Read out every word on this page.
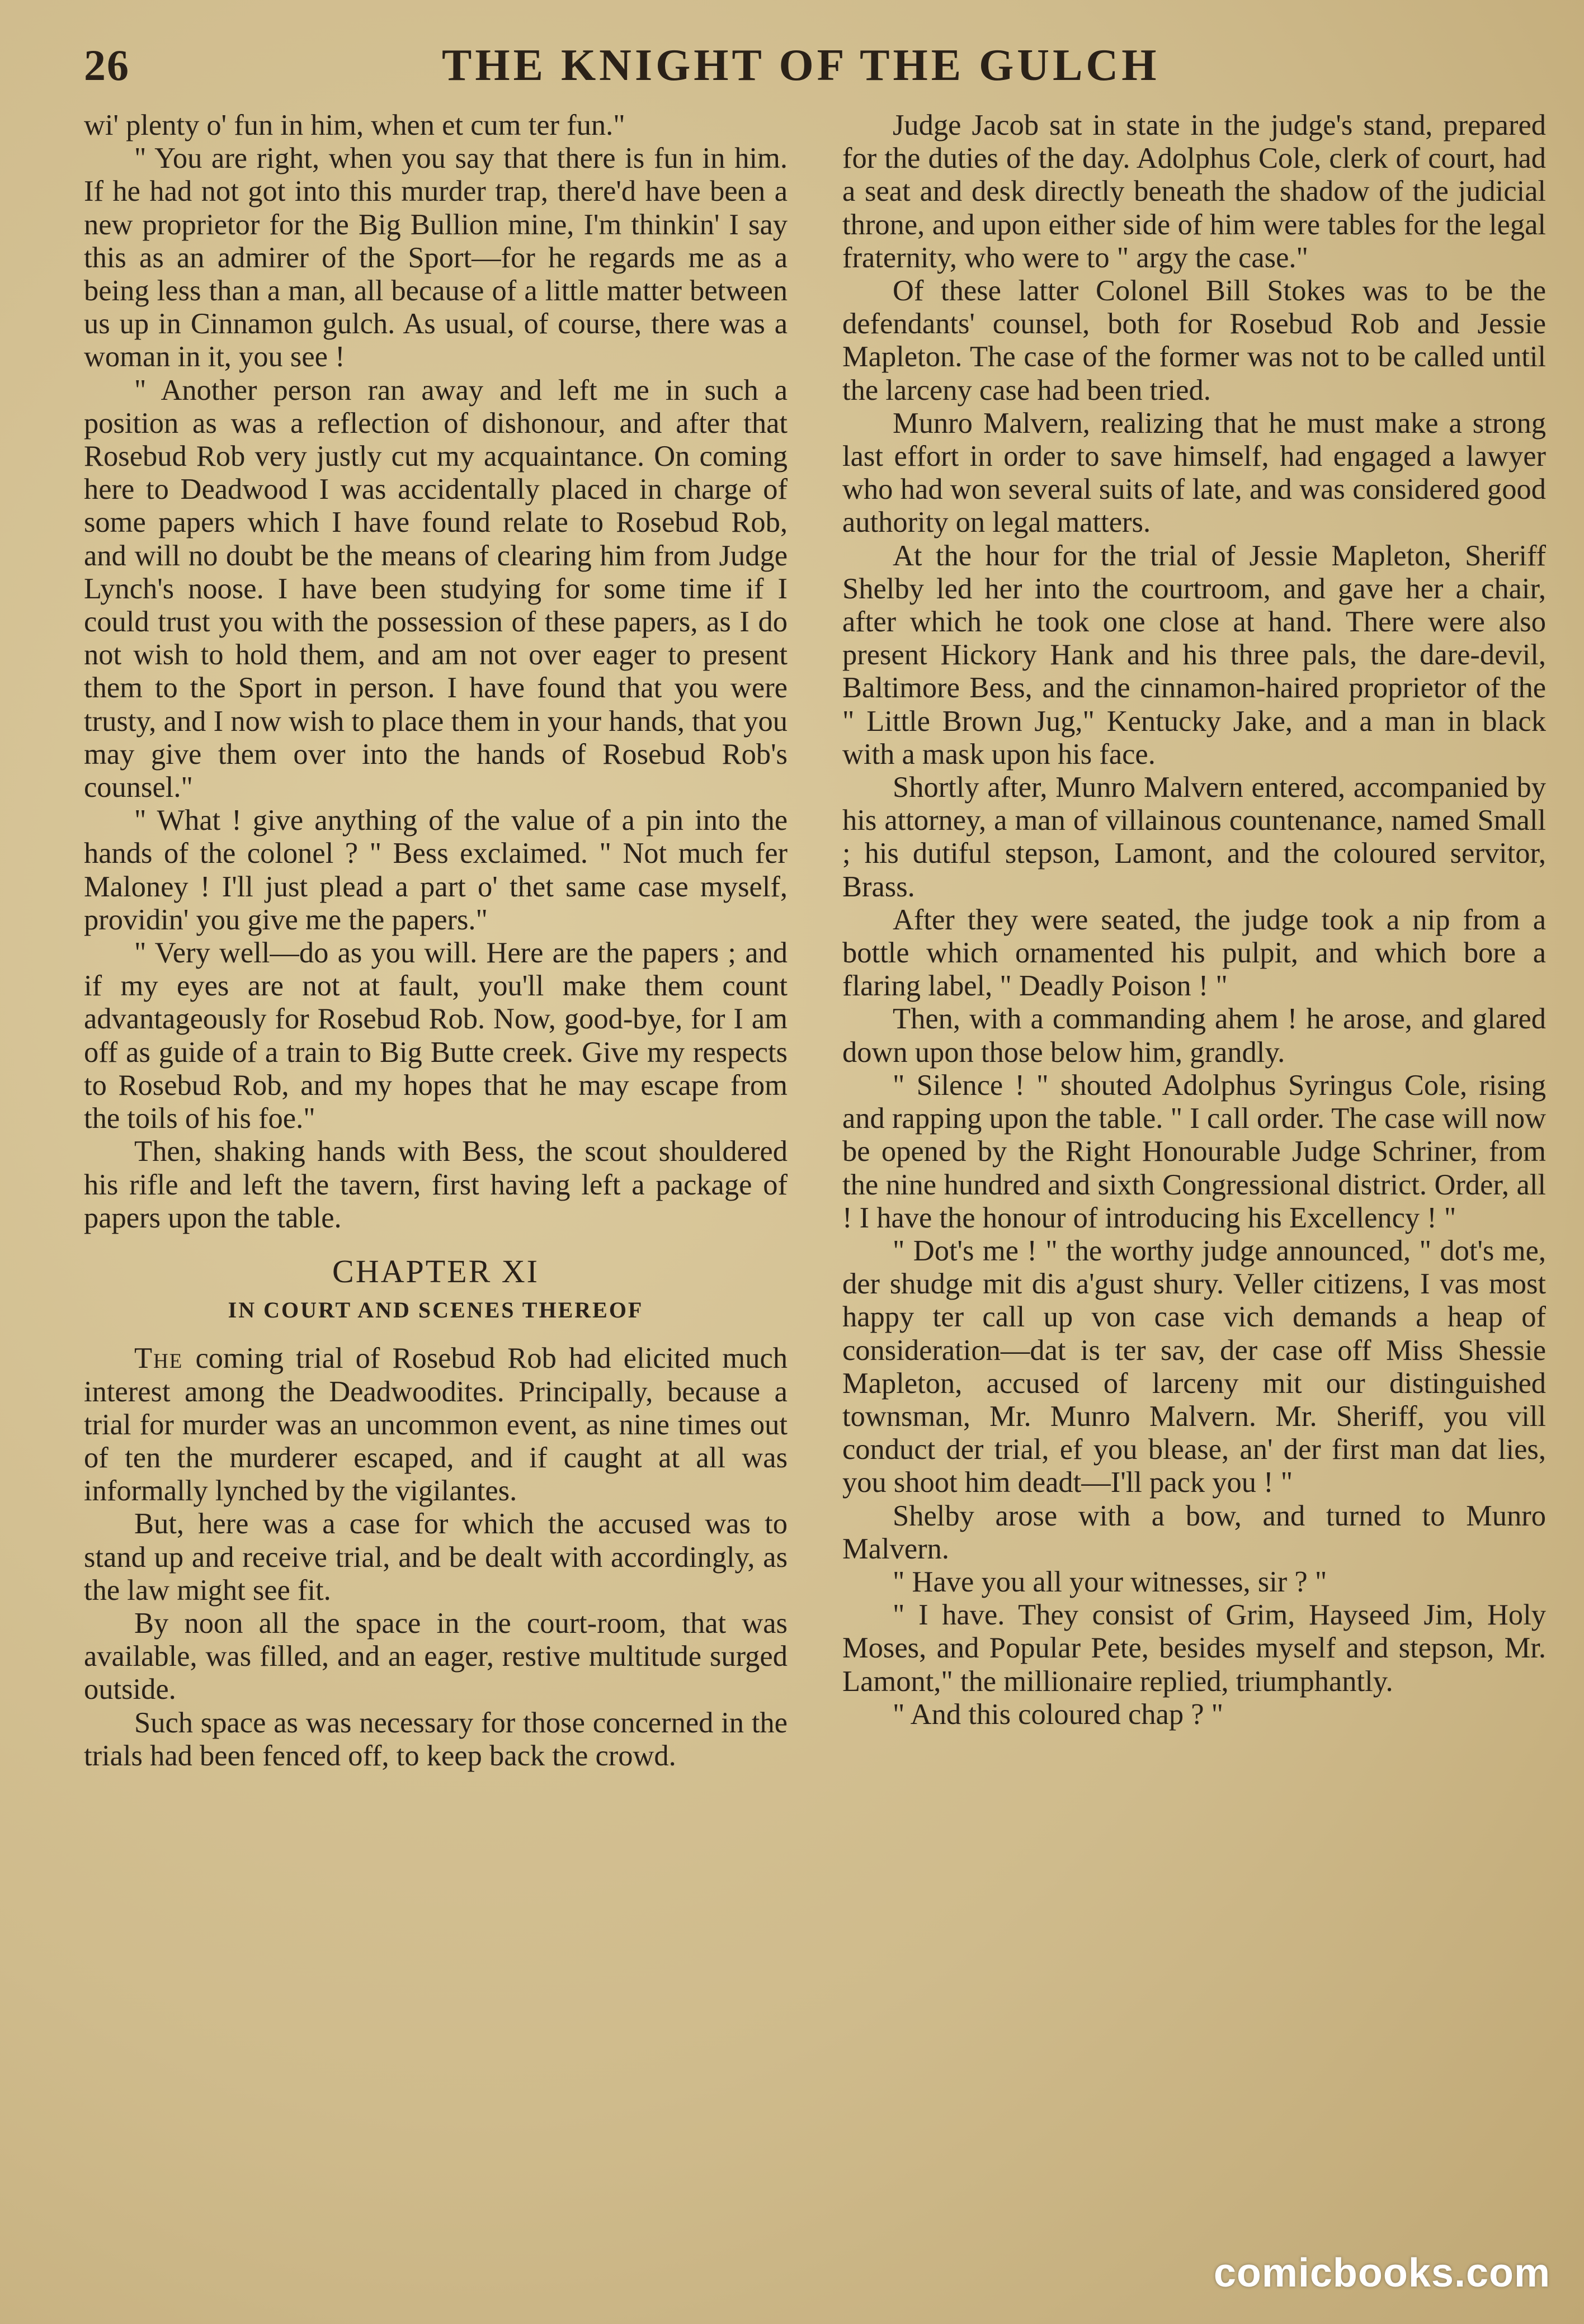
26	THE KNIGHT OF THE GULCH

wi' plenty o' fun in him, when et cum ter fun."

" You are right, when you say that there is fun in him. If he had not got into this murder trap, there'd have been a new proprietor for the Big Bullion mine, I'm thinkin' I say this as an admirer of the Sport—for he regards me as a being less than a man, all because of a little matter between us up in Cinnamon gulch. As usual, of course, there was a woman in it, you see !

" Another person ran away and left me in such a position as was a reflection of dishonour, and after that Rosebud Rob very justly cut my acquaintance. On coming here to Deadwood I was accidentally placed in charge of some papers which I have found relate to Rosebud Rob, and will no doubt be the means of clearing him from Judge Lynch's noose. I have been studying for some time if I could trust you with the possession of these papers, as I do not wish to hold them, and am not over eager to present them to the Sport in person. I have found that you were trusty, and I now wish to place them in your hands, that you may give them over into the hands of Rosebud Rob's counsel."

" What ! give anything of the value of a pin into the hands of the colonel ? " Bess exclaimed. " Not much fer Maloney ! I'll just plead a part o' thet same case myself, providin' you give me the papers."

" Very well—do as you will. Here are the papers ; and if my eyes are not at fault, you'll make them count advantageously for Rosebud Rob. Now, good-bye, for I am off as guide of a train to Big Butte creek. Give my respects to Rosebud Rob, and my hopes that he may escape from the toils of his foe."

Then, shaking hands with Bess, the scout shouldered his rifle and left the tavern, first having left a package of papers upon the table.

CHAPTER XI
IN COURT AND SCENES THEREOF

The coming trial of Rosebud Rob had elicited much interest among the Deadwoodites. Principally, because a trial for murder was an uncommon event, as nine times out of ten the murderer escaped, and if caught at all was informally lynched by the vigilantes.

But, here was a case for which the accused was to stand up and receive trial, and be dealt with accordingly, as the law might see fit.

By noon all the space in the court-room, that was available, was filled, and an eager, restive multitude surged outside.

Such space as was necessary for those concerned in the trials had been fenced off, to keep back the crowd.

Judge Jacob sat in state in the judge's stand, prepared for the duties of the day. Adolphus Cole, clerk of court, had a seat and desk directly beneath the shadow of the judicial throne, and upon either side of him were tables for the legal fraternity, who were to " argy the case."

Of these latter Colonel Bill Stokes was to be the defendants' counsel, both for Rosebud Rob and Jessie Mapleton. The case of the former was not to be called until the larceny case had been tried.

Munro Malvern, realizing that he must make a strong last effort in order to save himself, had engaged a lawyer who had won several suits of late, and was considered good authority on legal matters.

At the hour for the trial of Jessie Mapleton, Sheriff Shelby led her into the courtroom, and gave her a chair, after which he took one close at hand. There were also present Hickory Hank and his three pals, the dare-devil, Baltimore Bess, and the cinnamon-haired proprietor of the " Little Brown Jug," Kentucky Jake, and a man in black with a mask upon his face.

Shortly after, Munro Malvern entered, accompanied by his attorney, a man of villainous countenance, named Small ; his dutiful stepson, Lamont, and the coloured servitor, Brass.

After they were seated, the judge took a nip from a bottle which ornamented his pulpit, and which bore a flaring label, " Deadly Poison ! "

Then, with a commanding ahem ! he arose, and glared down upon those below him, grandly.

" Silence ! " shouted Adolphus Syringus Cole, rising and rapping upon the table. " I call order. The case will now be opened by the Right Honourable Judge Schriner, from the nine hundred and sixth Congressional district. Order, all ! I have the honour of introducing his Excellency ! "

" Dot's me ! " the worthy judge announced, " dot's me, der shudge mit dis a'gust shury. Veller citizens, I vas most happy ter call up von case vich demands a heap of consideration—dat is ter sav, der case off Miss Shessie Mapleton, accused of larceny mit our distinguished townsman, Mr. Munro Malvern. Mr. Sheriff, you vill conduct der trial, ef you blease, an' der first man dat lies, you shoot him deadt—I'll pack you ! "

Shelby arose with a bow, and turned to Munro Malvern.

" Have you all your witnesses, sir ? "

" I have. They consist of Grim, Hayseed Jim, Holy Moses, and Popular Pete, besides myself and stepson, Mr. Lamont," the millionaire replied, triumphantly.

" And this coloured chap ? "

comicbooks.com
